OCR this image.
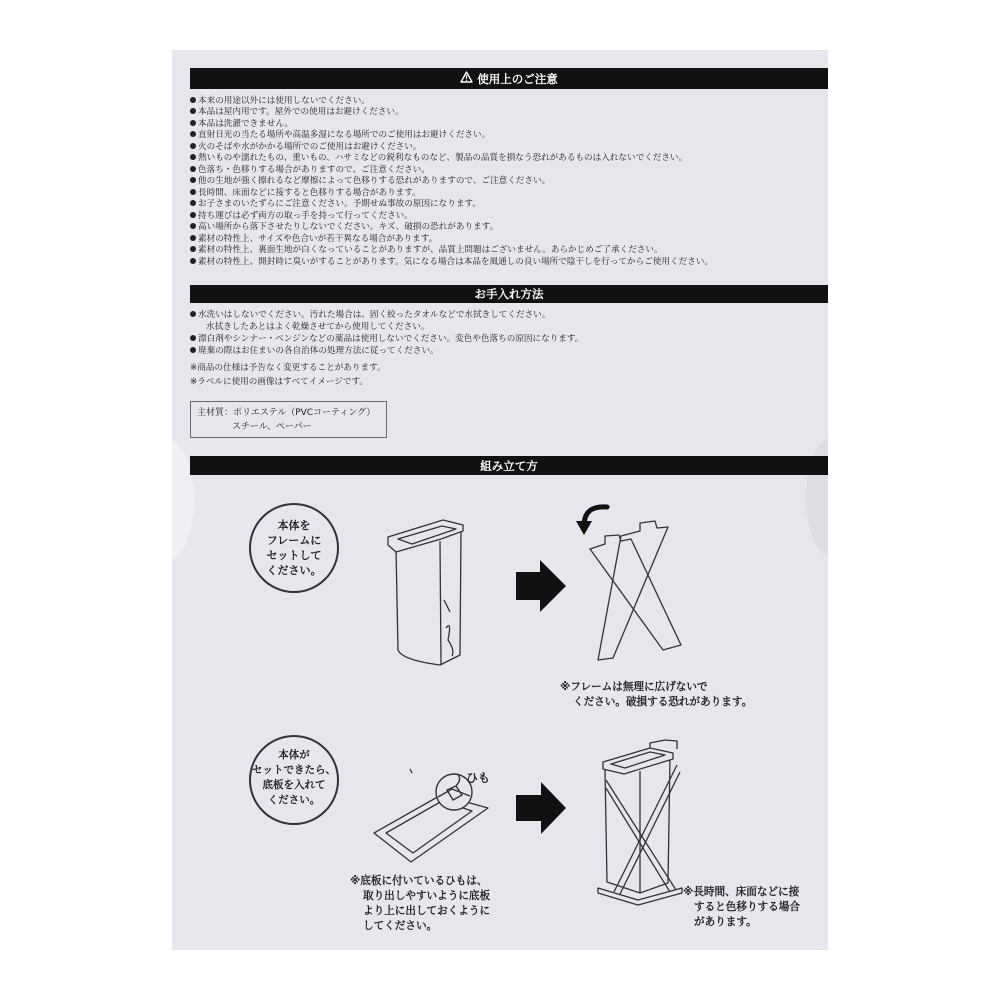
使用上のご注意
本来の用途以外には使用しないでください。
本品は屋内用です。屋外での使用はお避けください。
本品は洗濯できません。
直射日光の当たる場所や高温多湿になる場所でのご使用はお避けください。
火のそばや水がかかる場所でのご使用はお避けください。
熱いものや濡れたもの、重いもの、ハサミなどの鋭利なものなど、製品の品質を損なう恐れがあるものは入れないでください。
色落ち・色移りする場合がありますので、ご注意ください。
他の生地が強く擦れるなど摩擦によって色移りする恐れがありますので、ご注意ください。
長時間、床面などに接すると色移りする場合があります。
お子さまのいたずらにご注意ください。予期せぬ事故の原因になります。
持ち運びは必ず両方の取っ手を持って行ってください。
高い場所から落下させたりしないでください。キズ、破損の恐れがあります。
素材の特性上、サイズや色合いが若干異なる場合があります。
素材の特性上、裏面生地が白くなっていることがありますが、品質上問題はございません。あらかじめご了承ください。
素材の特性上、開封時に臭いがすることがあります。気になる場合は本品を風通しの良い場所で陰干しを行ってからご使用ください。
お手入れ方法
水洗いはしないでください。汚れた場合は、固く絞ったタオルなどで水拭きしてください。
水拭きしたあとはよく乾燥させてから使用してください。
漂白剤やシンナー・ベンジンなどの薬品は使用しないでください。変色や色落ちの原因になります。
廃棄の際はお住まいの各自治体の処理方法に従ってください。
※商品の仕様は予告なく変更することがあります。
※ラベルに使用の画像はすべてイメージです。
主材質：ポリエステル（PVCコーティング）
スチール、ペーパー
組み立て方
本体を
フレームに
セットして
ください。
本体が
セットできたら、
底板を入れて
ください。
ひも
※フレームは無理に広げないで
ください。破損する恐れがあります。
※底板に付いているひもは、
取り出しやすいように底板
より上に出しておくように
してください。
※長時間、床面などに接
すると色移りする場合
があります。
